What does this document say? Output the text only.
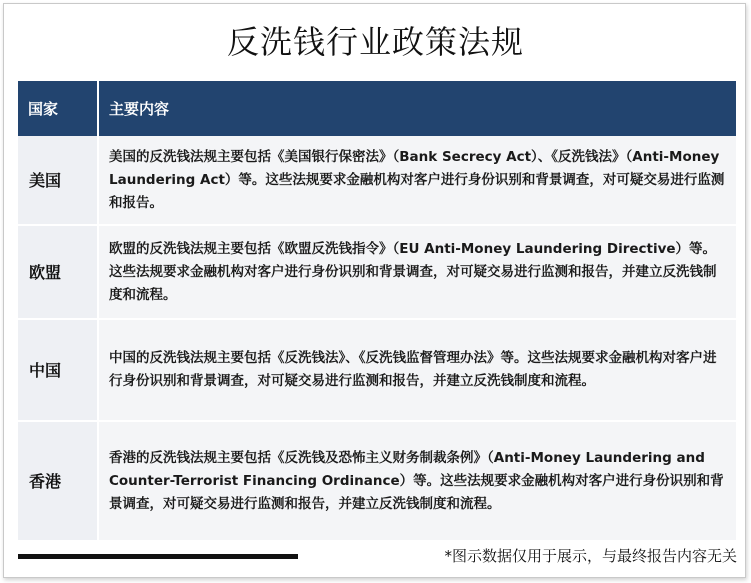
反洗钱行业政策法规
国家	主要内容
美国	美国的反洗钱法规主要包括《美国银行保密法》（Bank Secrecy Act）、《反洗钱法》（Anti-Money Laundering Act）等。这些法规要求金融机构对客户进行身份识别和背景调查，对可疑交易进行监测和报告。
欧盟	欧盟的反洗钱法规主要包括《欧盟反洗钱指令》（EU Anti-Money Laundering Directive）等。这些法规要求金融机构对客户进行身份识别和背景调查，对可疑交易进行监测和报告，并建立反洗钱制度和流程。
中国	中国的反洗钱法规主要包括《反洗钱法》、《反洗钱监督管理办法》等。这些法规要求金融机构对客户进行身份识别和背景调查，对可疑交易进行监测和报告，并建立反洗钱制度和流程。
香港	香港的反洗钱法规主要包括《反洗钱及恐怖主义财务制裁条例》（Anti-Money Laundering and Counter-Terrorist Financing Ordinance）等。这些法规要求金融机构对客户进行身份识别和背景调查，对可疑交易进行监测和报告，并建立反洗钱制度和流程。
*图示数据仅用于展示，与最终报告内容无关
